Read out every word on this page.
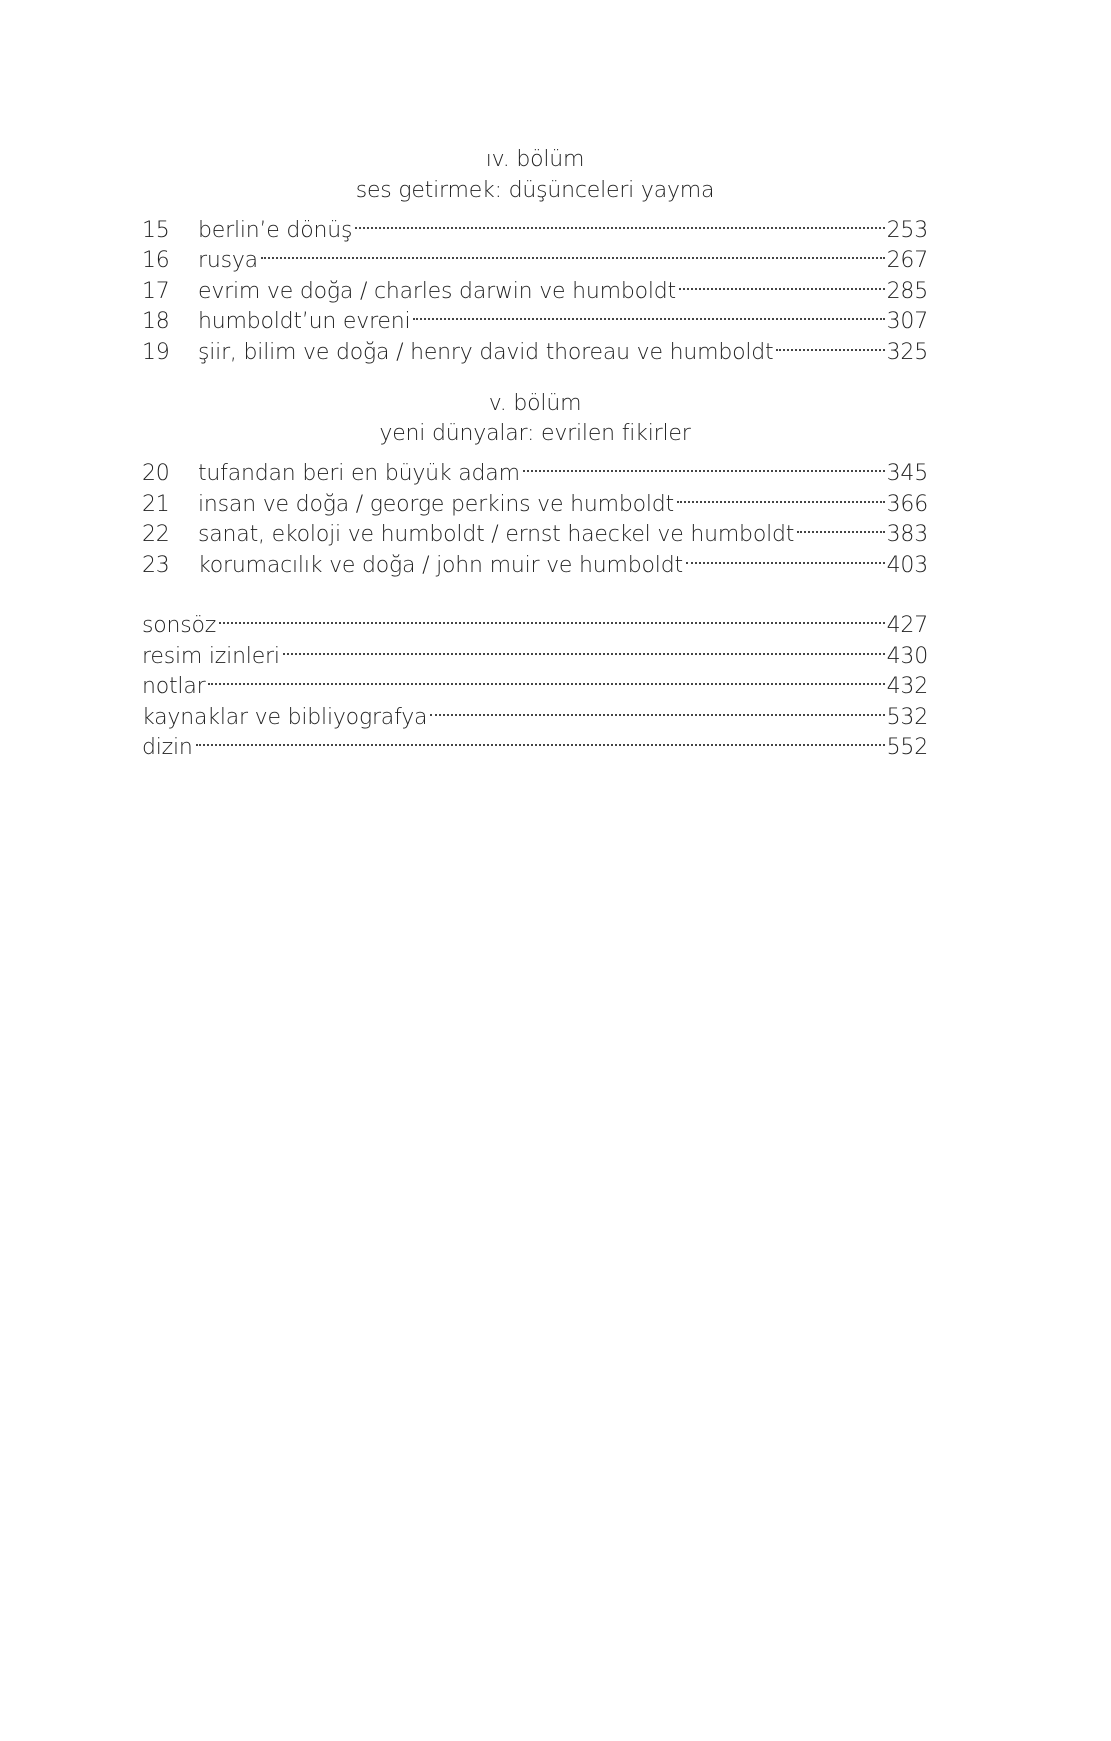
ıv. bölüm
ses getirmek: düşünceleri yayma
15	berlin’e dönüş	253
16	rusya	267
17	evrim ve doğa / charles darwin ve humboldt	285
18	humboldt’un evreni	307
19	şiir, bilim ve doğa / henry david thoreau ve humboldt	325
v. bölüm
yeni dünyalar: evrilen fikirler
20	tufandan beri en büyük adam	345
21	insan ve doğa / george perkins ve humboldt	366
22	sanat, ekoloji ve humboldt / ernst haeckel ve humboldt	383
23	korumacılık ve doğa / john muir ve humboldt	403
sonsöz	427
resim izinleri	430
notlar	432
kaynaklar ve bibliyografya	532
dizin	552
